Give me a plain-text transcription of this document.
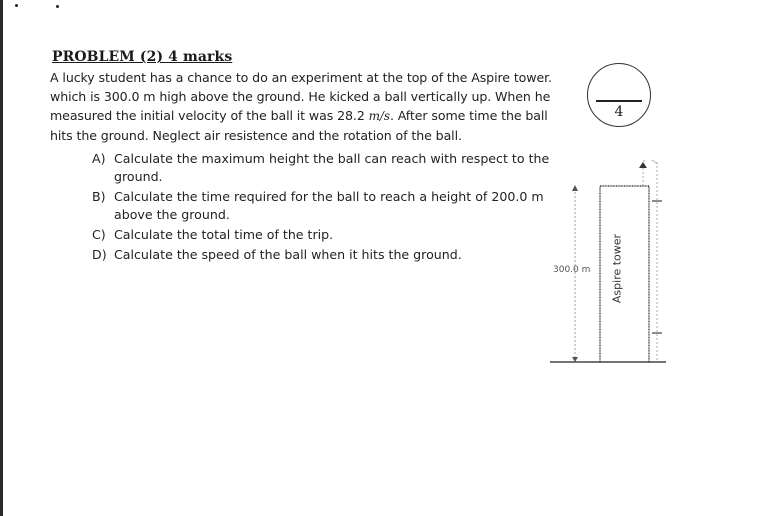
PROBLEM (2) 4 marks
A lucky student has a chance to do an experiment at the top of the Aspire tower. which is 300.0 m high above the ground. He kicked a ball vertically up. When he measured the initial velocity of the ball it was 28.2 m/s. After some time the ball hits the ground. Neglect air resistence and the rotation of the ball.
A) Calculate the maximum height the ball can reach with respect to the ground.
B) Calculate the time required for the ball to reach a height of 200.0 m above the ground.
C) Calculate the total time of the trip.
D) Calculate the speed of the ball when it hits the ground.
4
300.0 m Aspire tower
